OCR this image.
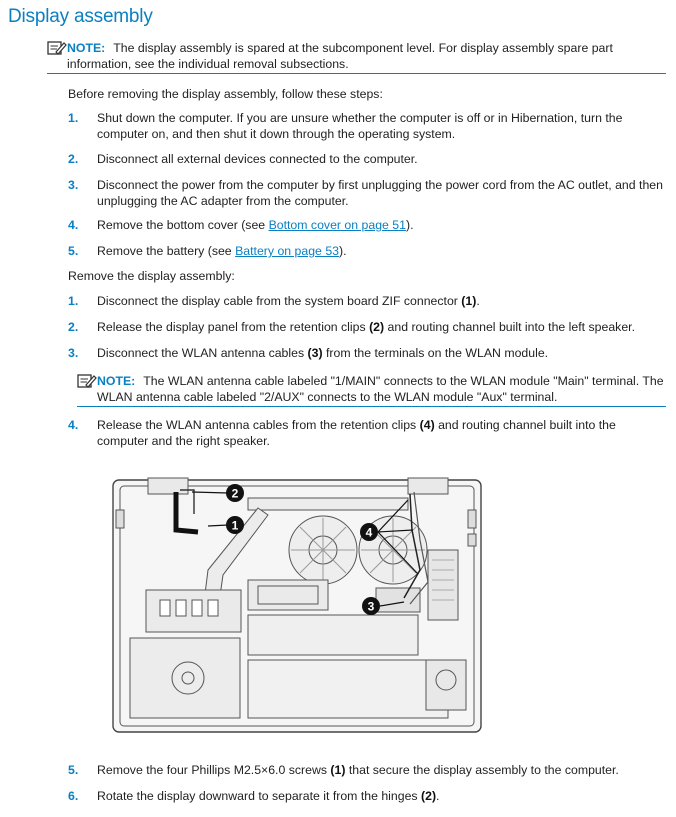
Display assembly
NOTE: The display assembly is spared at the subcomponent level. For display assembly spare part information, see the individual removal subsections.
Before removing the display assembly, follow these steps:
1. Shut down the computer. If you are unsure whether the computer is off or in Hibernation, turn the computer on, and then shut it down through the operating system.
2. Disconnect all external devices connected to the computer.
3. Disconnect the power from the computer by first unplugging the power cord from the AC outlet, and then unplugging the AC adapter from the computer.
4. Remove the bottom cover (see Bottom cover on page 51).
5. Remove the battery (see Battery on page 53).
Remove the display assembly:
1. Disconnect the display cable from the system board ZIF connector (1).
2. Release the display panel from the retention clips (2) and routing channel built into the left speaker.
3. Disconnect the WLAN antenna cables (3) from the terminals on the WLAN module.
NOTE: The WLAN antenna cable labeled "1/MAIN" connects to the WLAN module "Main" terminal. The WLAN antenna cable labeled "2/AUX" connects to the WLAN module "Aux" terminal.
4. Release the WLAN antenna cables from the retention clips (4) and routing channel built into the computer and the right speaker.
2
1	4
3
5. Remove the four Phillips M2.5×6.0 screws (1) that secure the display assembly to the computer.
6. Rotate the display downward to separate it from the hinges (2).
